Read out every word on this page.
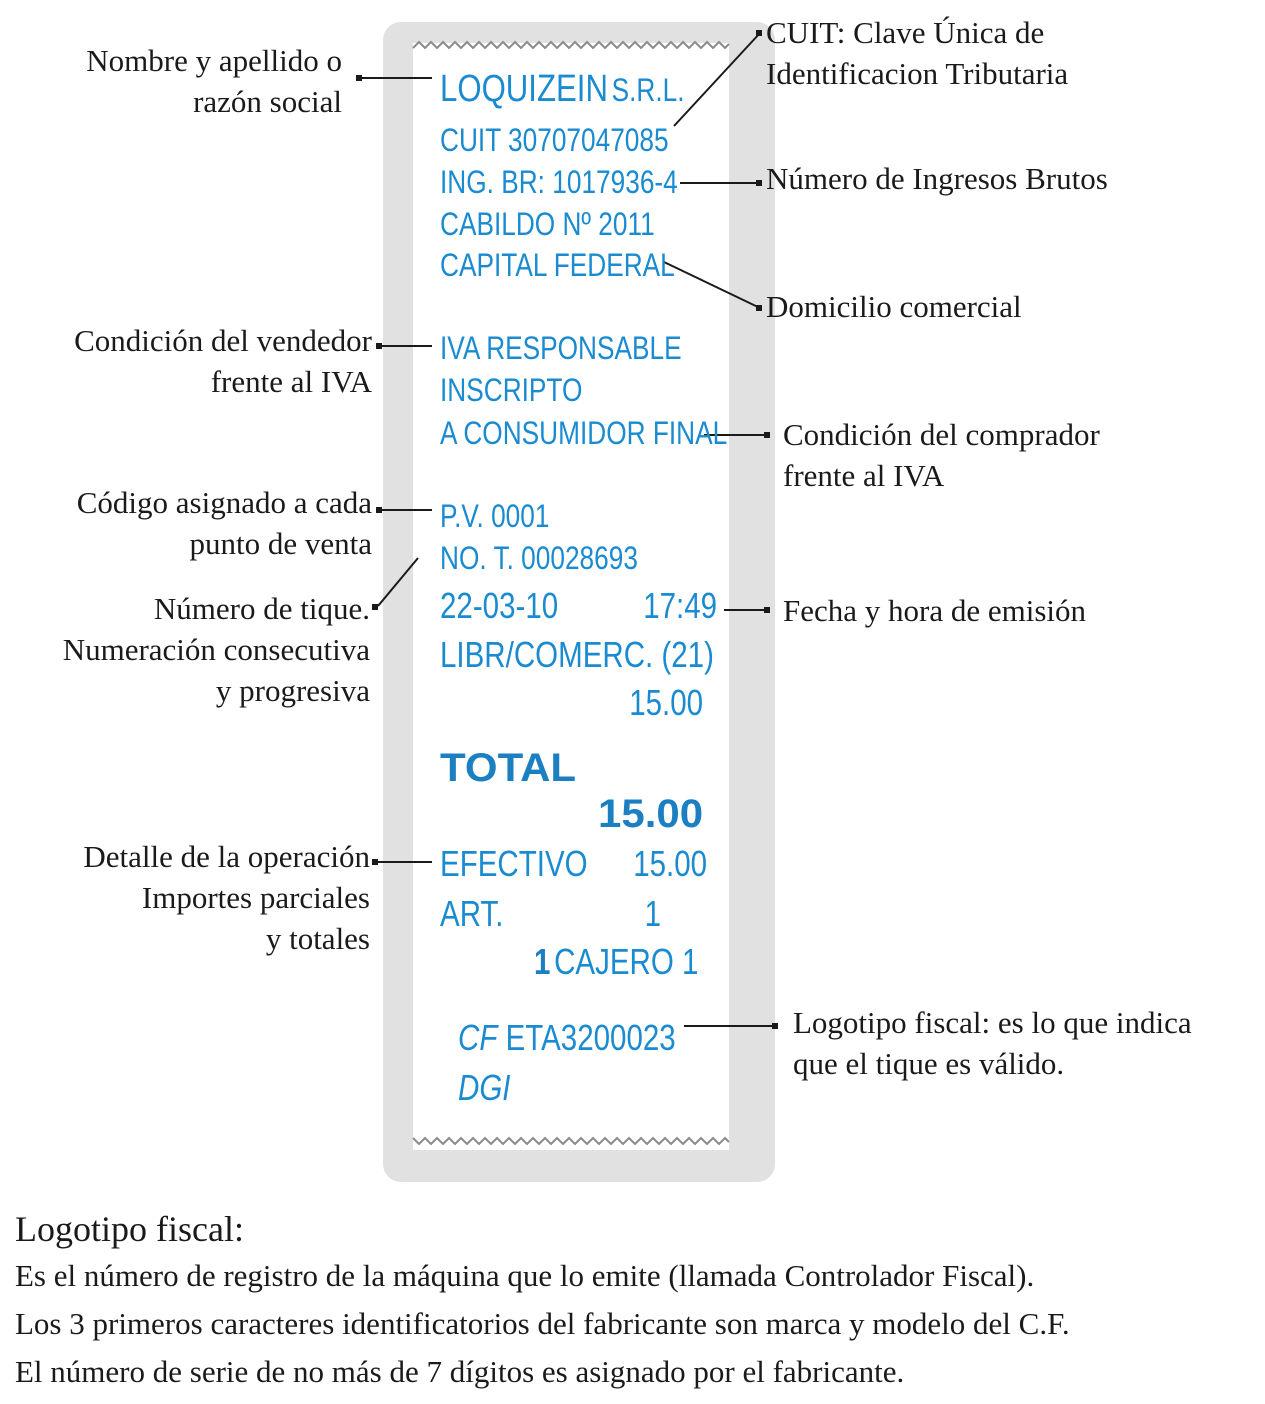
LOQUIZEIN S.R.L.
CUIT 30707047085
ING. BR: 1017936-4
CABILDO Nº 2011
CAPITAL FEDERAL
IVA RESPONSABLE
INSCRIPTO
A CONSUMIDOR FINAL
P.V. 0001
NO. T. 00028693
22-03-10 17:49
LIBR/COMERC. (21)
15.00
TOTAL
15.00
EFECTIVO 15.00
ART.	1
1 CAJERO 1
CF ETA3200023
DGI
Nombre y apellido o
razón social
Condición del vendedor
frente al IVA
Código asignado a cada
punto de venta
Número de tique.
Numeración consecutiva
y progresiva
Detalle de la operación
Importes parciales
y totales
CUIT: Clave Única de
Identificacion Tributaria
Número de Ingresos Brutos
Domicilio comercial
Condición del comprador
frente al IVA
Fecha y hora de emisión
Logotipo fiscal: es lo que indica
que el tique es válido.
Logotipo fiscal:
Es el número de registro de la máquina que lo emite (llamada Controlador Fiscal).
Los 3 primeros caracteres identificatorios del fabricante son marca y modelo del C.F.
El número de serie de no más de 7 dígitos es asignado por el fabricante.
